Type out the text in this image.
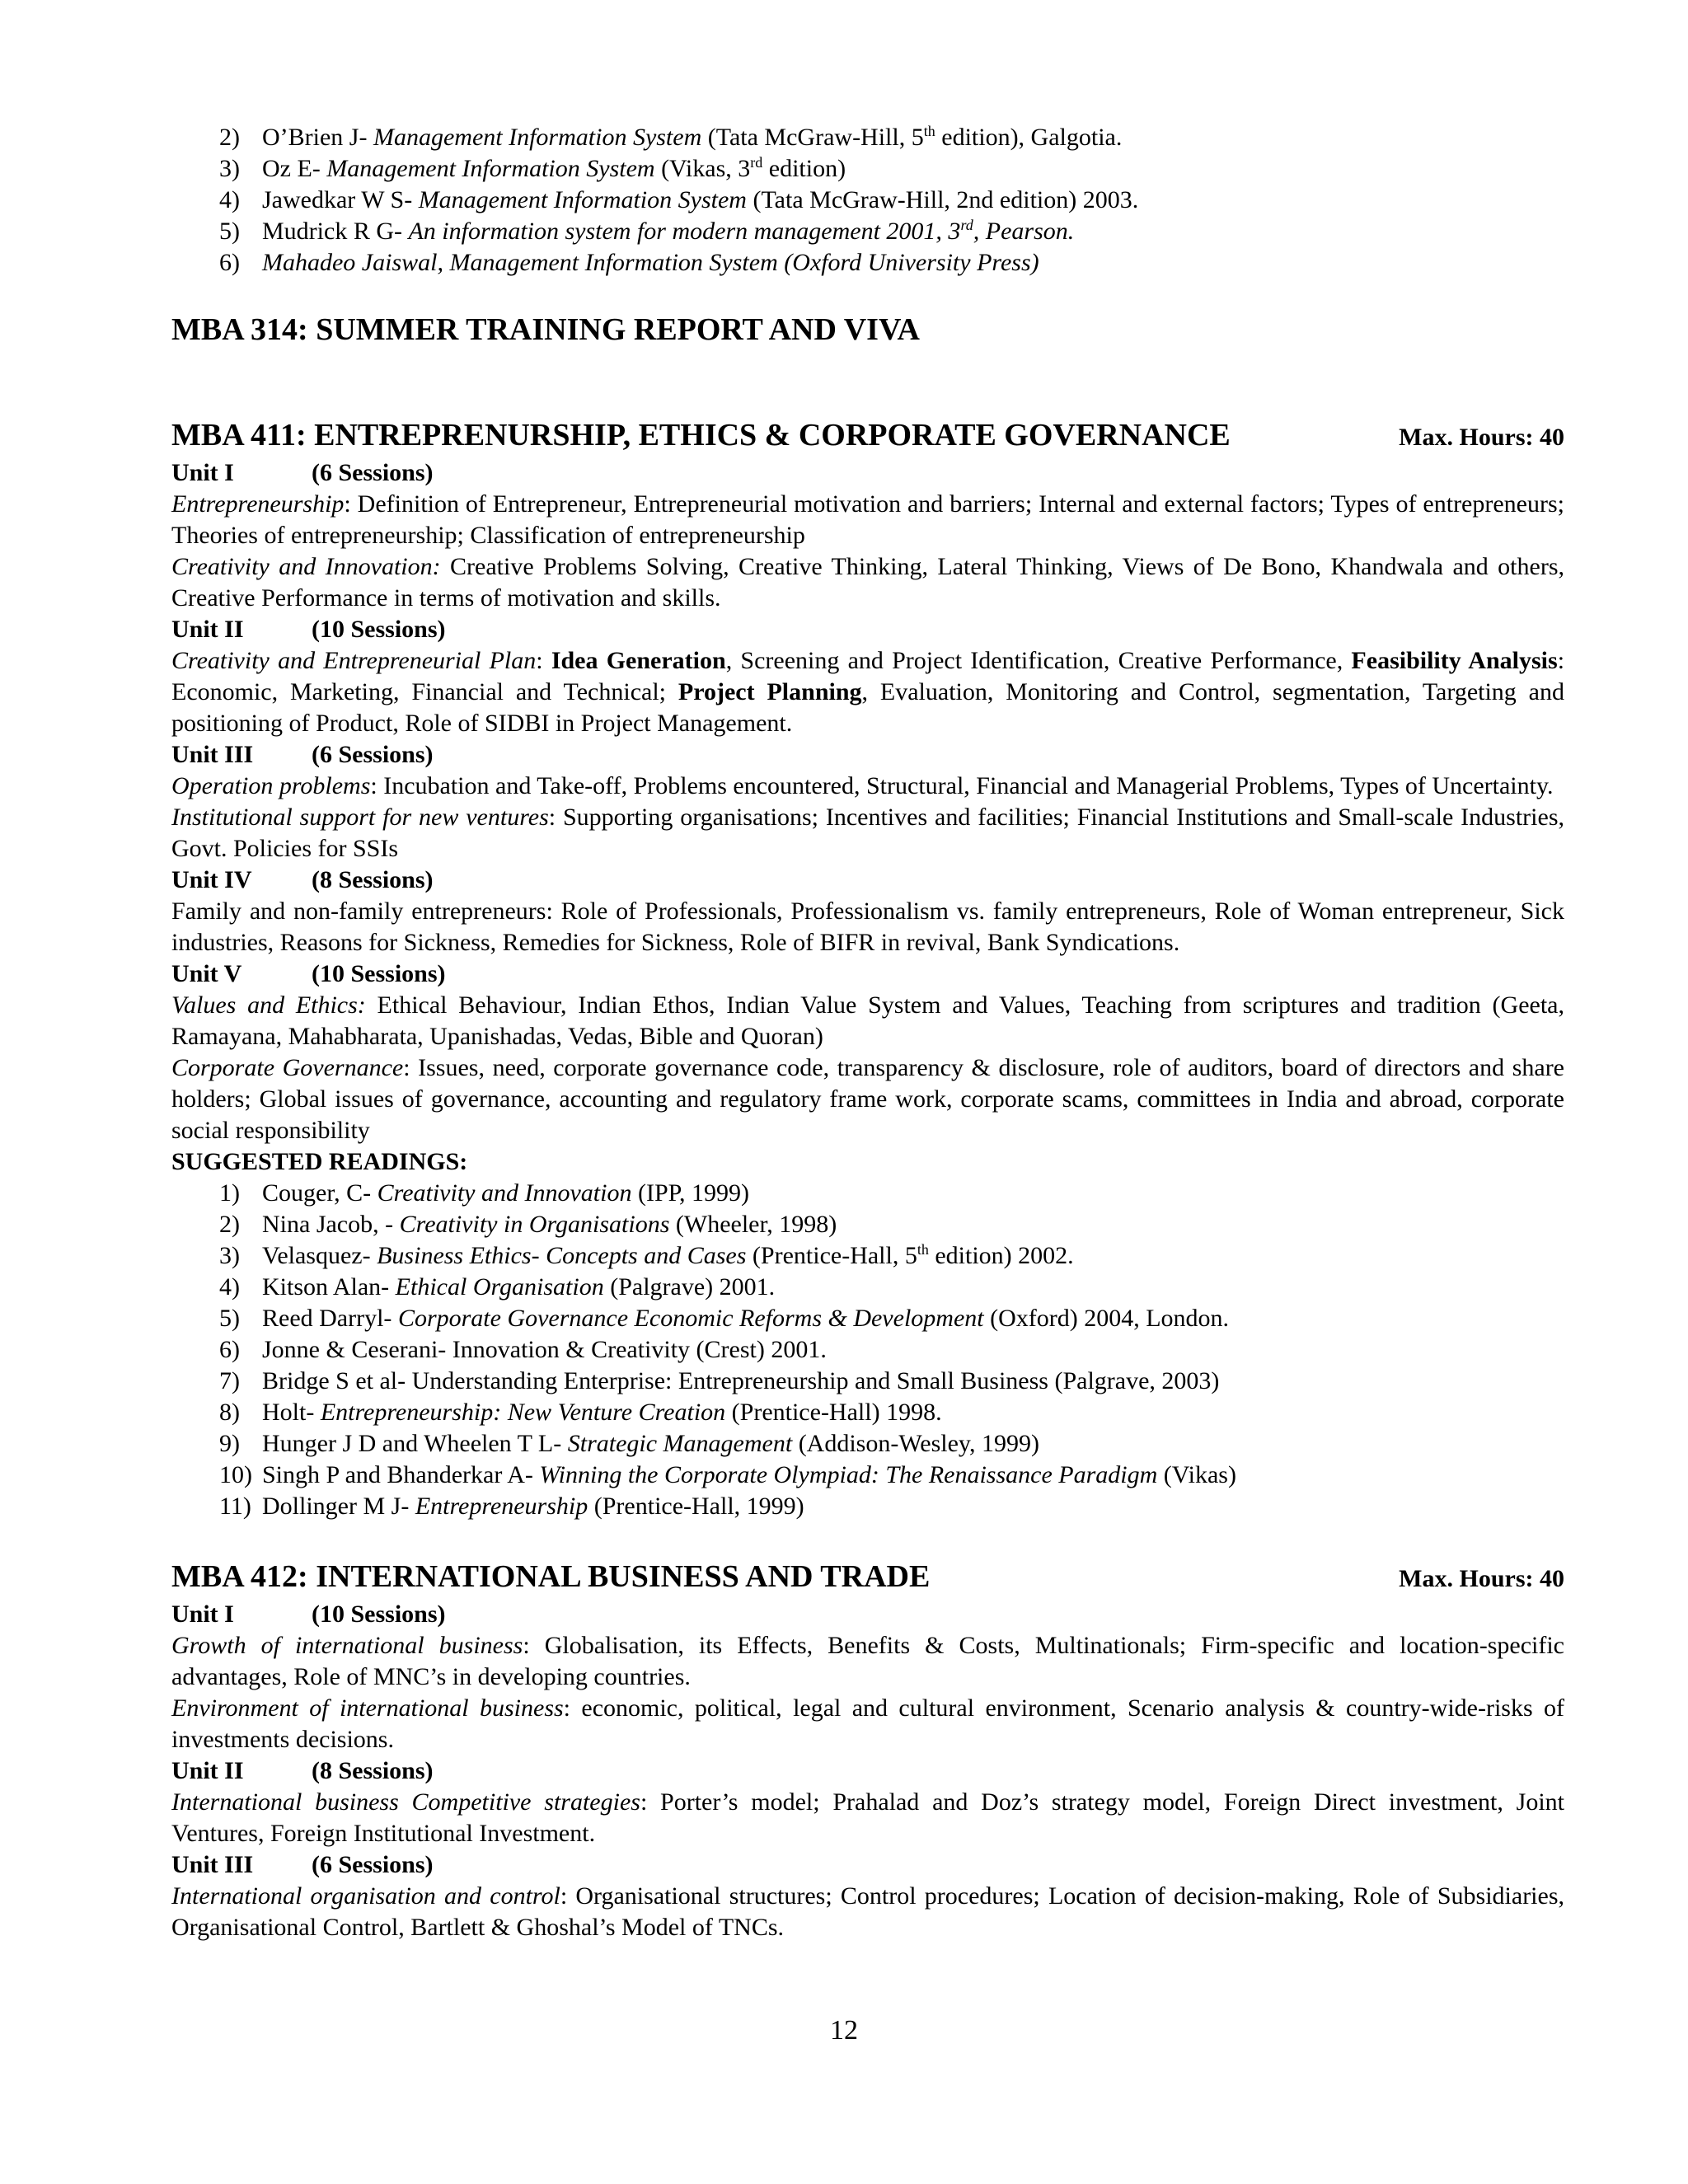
2) O’Brien J- Management Information System (Tata McGraw-Hill, 5th edition), Galgotia.
3) Oz E- Management Information System (Vikas, 3rd edition)
4) Jawedkar W S- Management Information System (Tata McGraw-Hill, 2nd edition) 2003.
5) Mudrick R G- An information system for modern management 2001, 3rd, Pearson.
6) Mahadeo Jaiswal, Management Information System (Oxford University Press)
MBA 314: SUMMER TRAINING REPORT AND VIVA
MBA 411: ENTREPRENURSHIP, ETHICS & CORPORATE GOVERNANCE	Max. Hours: 40
Unit I	(6 Sessions)
Entrepreneurship: Definition of Entrepreneur, Entrepreneurial motivation and barriers; Internal and external factors; Types of entrepreneurs; Theories of entrepreneurship; Classification of entrepreneurship
Creativity and Innovation: Creative Problems Solving, Creative Thinking, Lateral Thinking, Views of De Bono, Khandwala and others, Creative Performance in terms of motivation and skills.
Unit II	(10 Sessions)
Creativity and Entrepreneurial Plan: Idea Generation, Screening and Project Identification, Creative Performance, Feasibility Analysis: Economic, Marketing, Financial and Technical; Project Planning, Evaluation, Monitoring and Control, segmentation, Targeting and positioning of Product, Role of SIDBI in Project Management.
Unit III	(6 Sessions)
Operation problems: Incubation and Take-off, Problems encountered, Structural, Financial and Managerial Problems, Types of Uncertainty.
Institutional support for new ventures: Supporting organisations; Incentives and facilities; Financial Institutions and Small-scale Industries, Govt. Policies for SSIs
Unit IV	(8 Sessions)
Family and non-family entrepreneurs: Role of Professionals, Professionalism vs. family entrepreneurs, Role of Woman entrepreneur, Sick industries, Reasons for Sickness, Remedies for Sickness, Role of BIFR in revival, Bank Syndications.
Unit V	(10 Sessions)
Values and Ethics: Ethical Behaviour, Indian Ethos, Indian Value System and Values, Teaching from scriptures and tradition (Geeta, Ramayana, Mahabharata, Upanishadas, Vedas, Bible and Quoran)
Corporate Governance: Issues, need, corporate governance code, transparency & disclosure, role of auditors, board of directors and share holders; Global issues of governance, accounting and regulatory frame work, corporate scams, committees in India and abroad, corporate social responsibility
SUGGESTED READINGS:
1) Couger, C- Creativity and Innovation (IPP, 1999)
2) Nina Jacob, - Creativity in Organisations (Wheeler, 1998)
3) Velasquez- Business Ethics- Concepts and Cases (Prentice-Hall, 5th edition) 2002.
4) Kitson Alan- Ethical Organisation (Palgrave) 2001.
5) Reed Darryl- Corporate Governance Economic Reforms & Development (Oxford) 2004, London.
6) Jonne & Ceserani- Innovation & Creativity (Crest) 2001.
7) Bridge S et al- Understanding Enterprise: Entrepreneurship and Small Business (Palgrave, 2003)
8) Holt- Entrepreneurship: New Venture Creation (Prentice-Hall) 1998.
9) Hunger J D and Wheelen T L- Strategic Management (Addison-Wesley, 1999)
10) Singh P and Bhanderkar A- Winning the Corporate Olympiad: The Renaissance Paradigm (Vikas)
11) Dollinger M J- Entrepreneurship (Prentice-Hall, 1999)
MBA 412: INTERNATIONAL BUSINESS AND TRADE	Max. Hours: 40
Unit I	(10 Sessions)
Growth of international business: Globalisation, its Effects, Benefits & Costs, Multinationals; Firm-specific and location-specific advantages, Role of MNC’s in developing countries.
Environment of international business: economic, political, legal and cultural environment, Scenario analysis & country-wide-risks of investments decisions.
Unit II	(8 Sessions)
International business Competitive strategies: Porter’s model; Prahalad and Doz’s strategy model, Foreign Direct investment, Joint Ventures, Foreign Institutional Investment.
Unit III	(6 Sessions)
International organisation and control: Organisational structures; Control procedures; Location of decision-making, Role of Subsidiaries, Organisational Control, Bartlett & Ghoshal’s Model of TNCs.
12
